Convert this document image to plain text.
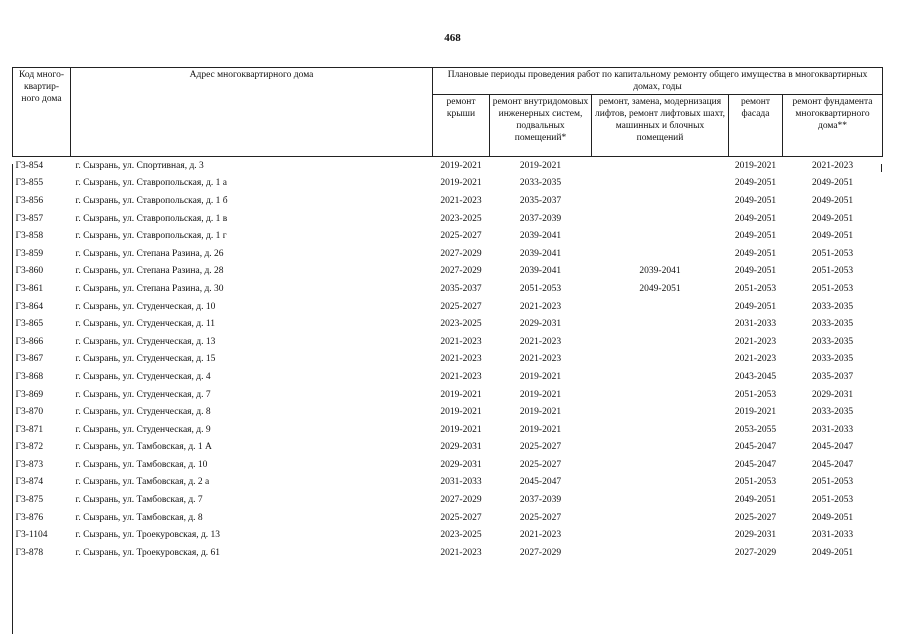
468
Код много-квартир-ного дома	Адрес многоквартирного дома	Плановые периоды проведения работ по капитальному ремонту общего имущества в многоквартирных домах, годы				
		ремонт крыши	ремонт внутридомовых инженерных систем, подвальных помещений*	ремонт, замена, модернизация лифтов, ремонт лифтовых шахт, машинных и блочных помещений	ремонт фасада	ремонт фундамента многоквартирного дома**
Г3-854	г. Сызрань, ул. Спортивная, д. 3	2019-2021	2019-2021		2019-2021	2021-2023
Г3-855	г. Сызрань, ул. Ставропольская, д. 1 а	2019-2021	2033-2035		2049-2051	2049-2051
Г3-856	г. Сызрань, ул. Ставропольская, д. 1 б	2021-2023	2035-2037		2049-2051	2049-2051
Г3-857	г. Сызрань, ул. Ставропольская, д. 1 в	2023-2025	2037-2039		2049-2051	2049-2051
Г3-858	г. Сызрань, ул. Ставропольская, д. 1 г	2025-2027	2039-2041		2049-2051	2049-2051
Г3-859	г. Сызрань, ул. Степана Разина, д. 26	2027-2029	2039-2041		2049-2051	2051-2053
Г3-860	г. Сызрань, ул. Степана Разина, д. 28	2027-2029	2039-2041	2039-2041	2049-2051	2051-2053
Г3-861	г. Сызрань, ул. Степана Разина, д. 30	2035-2037	2051-2053	2049-2051	2051-2053	2051-2053
Г3-864	г. Сызрань, ул. Студенческая, д. 10	2025-2027	2021-2023		2049-2051	2033-2035
Г3-865	г. Сызрань, ул. Студенческая, д. 11	2023-2025	2029-2031		2031-2033	2033-2035
Г3-866	г. Сызрань, ул. Студенческая, д. 13	2021-2023	2021-2023		2021-2023	2033-2035
Г3-867	г. Сызрань, ул. Студенческая, д. 15	2021-2023	2021-2023		2021-2023	2033-2035
Г3-868	г. Сызрань, ул. Студенческая, д. 4	2021-2023	2019-2021		2043-2045	2035-2037
Г3-869	г. Сызрань, ул. Студенческая, д. 7	2019-2021	2019-2021		2051-2053	2029-2031
Г3-870	г. Сызрань, ул. Студенческая, д. 8	2019-2021	2019-2021		2019-2021	2033-2035
Г3-871	г. Сызрань, ул. Студенческая, д. 9	2019-2021	2019-2021		2053-2055	2031-2033
Г3-872	г. Сызрань, ул. Тамбовская, д. 1 А	2029-2031	2025-2027		2045-2047	2045-2047
Г3-873	г. Сызрань, ул. Тамбовская, д. 10	2029-2031	2025-2027		2045-2047	2045-2047
Г3-874	г. Сызрань, ул. Тамбовская, д. 2 а	2031-2033	2045-2047		2051-2053	2051-2053
Г3-875	г. Сызрань, ул. Тамбовская, д. 7	2027-2029	2037-2039		2049-2051	2051-2053
Г3-876	г. Сызрань, ул. Тамбовская, д. 8	2025-2027	2025-2027		2025-2027	2049-2051
Г3-1104	г. Сызрань, ул. Троекуровская, д. 13	2023-2025	2021-2023		2029-2031	2031-2033
Г3-878	г. Сызрань, ул. Троекуровская, д. 61	2021-2023	2027-2029		2027-2029	2049-2051
